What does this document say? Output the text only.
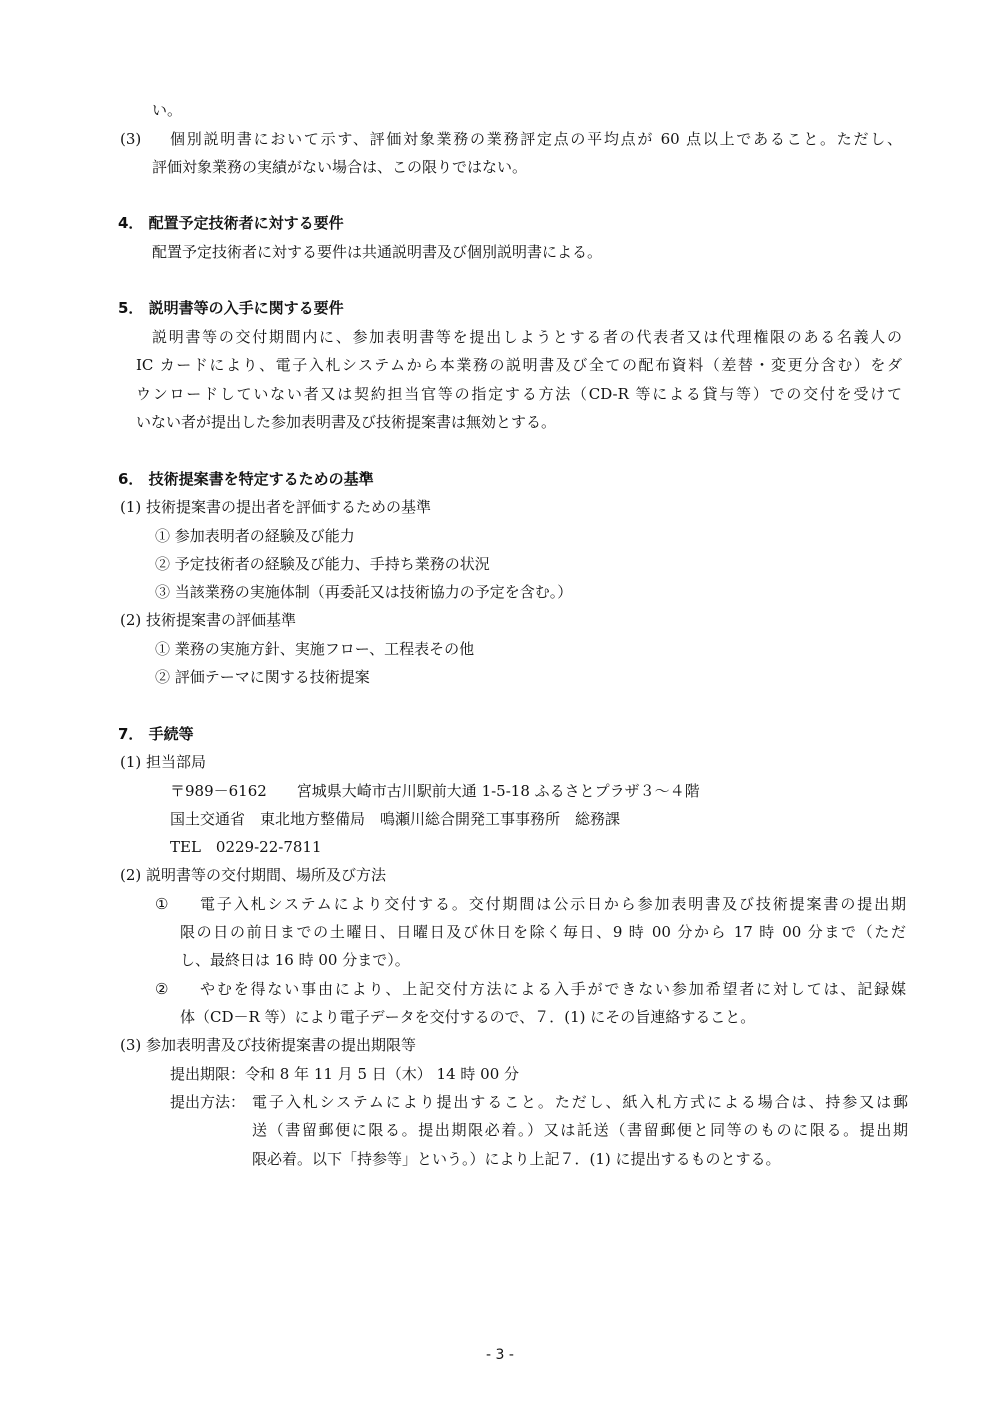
い。
(3) 個別説明書において示す、評価対象業務の業務評定点の平均点が 60 点以上であること。ただし、
評価対象業務の実績がない場合は、この限りではない。
4． 配置予定技術者に対する要件
配置予定技術者に対する要件は共通説明書及び個別説明書による。
5． 説明書等の入手に関する要件
説明書等の交付期間内に、参加表明書等を提出しようとする者の代表者又は代理権限のある名義人の
IC カードにより、電子入札システムから本業務の説明書及び全ての配布資料（差替・変更分含む）をダ
ウンロードしていない者又は契約担当官等の指定する方法（CD-R 等による貸与等）での交付を受けて
いない者が提出した参加表明書及び技術提案書は無効とする。
6． 技術提案書を特定するための基準
(1) 技術提案書の提出者を評価するための基準
① 参加表明者の経験及び能力
② 予定技術者の経験及び能力、手持ち業務の状況
③ 当該業務の実施体制（再委託又は技術協力の予定を含む。）
(2) 技術提案書の評価基準
① 業務の実施方針、実施フロー、工程表その他
② 評価テーマに関する技術提案
7． 手続等
(1) 担当部局
〒989－6162　　宮城県大崎市古川駅前大通 1-5-18 ふるさとプラザ３～４階
国土交通省　東北地方整備局　鳴瀬川総合開発工事事務所　総務課
TEL　0229-22-7811
(2) 説明書等の交付期間、場所及び方法
① 電子入札システムにより交付する。交付期間は公示日から参加表明書及び技術提案書の提出期
限の日の前日までの土曜日、日曜日及び休日を除く毎日、9 時 00 分から 17 時 00 分まで（ただ
し、最終日は 16 時 00 分まで）。
② やむを得ない事由により、上記交付方法による入手ができない参加希望者に対しては、記録媒
体（CD－R 等）により電子データを交付するので、７．(1) にその旨連絡すること。
(3) 参加表明書及び技術提案書の提出期限等
提出期限：令和 8 年 11 月 5 日（木） 14 時 00 分
提出方法： 電子入札システムにより提出すること。ただし、紙入札方式による場合は、持参又は郵
送（書留郵便に限る。提出期限必着。）又は託送（書留郵便と同等のものに限る。提出期
限必着。以下「持参等」という。）により上記７．(1) に提出するものとする。
- 3 -
